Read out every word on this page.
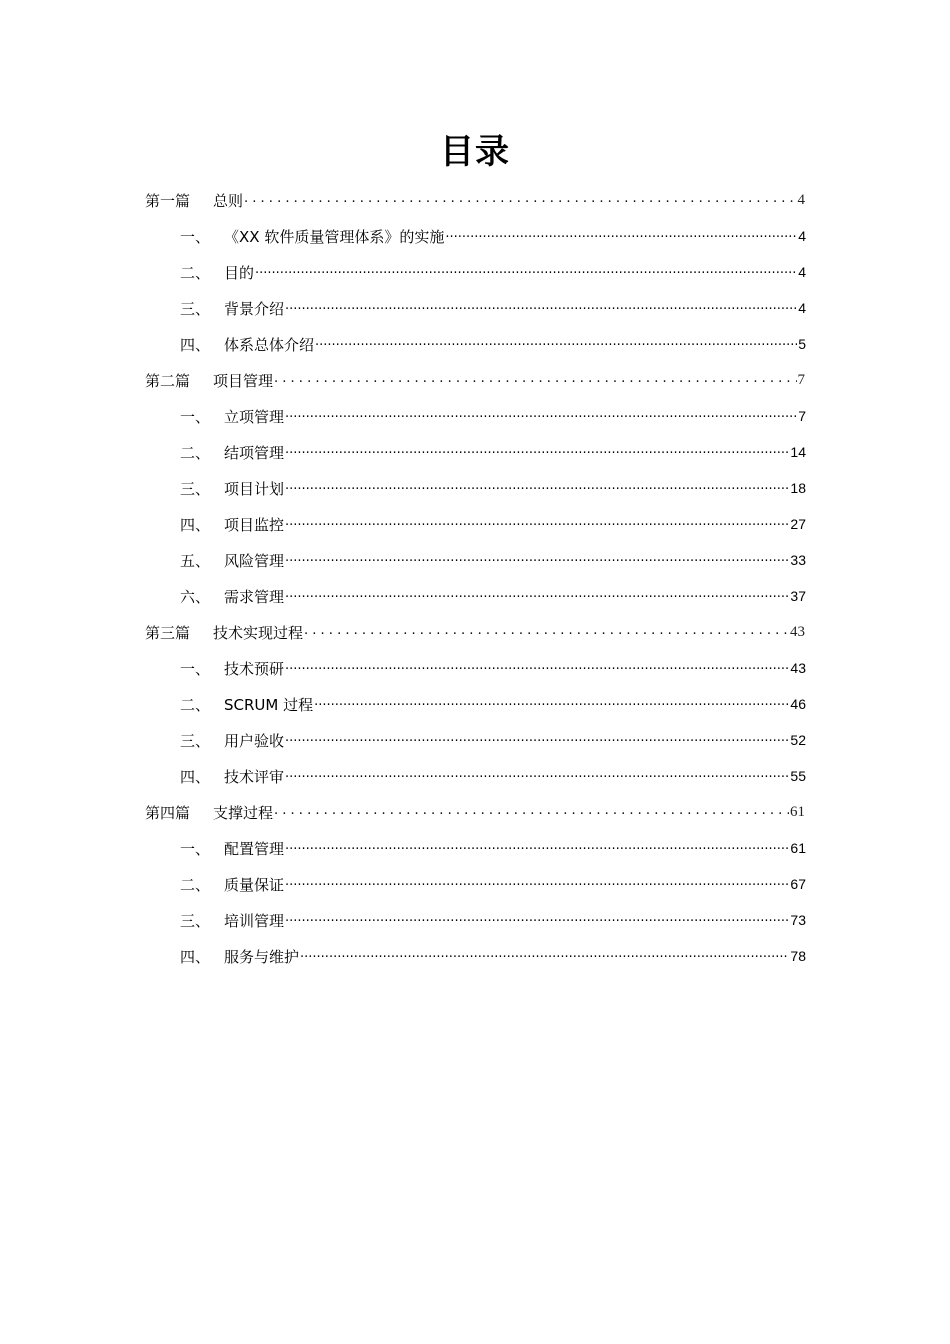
目录
第一篇	总则 . . .	4
一、 《XX 软件质量管理体系》的实施 .....	4
二、 目的 .....	4
三、 背景介绍 .....	4
四、 体系总体介绍 .....	5
第二篇	项目管理 . . .	7
一、 立项管理 .....	7
二、 结项管理 .....	14
三、 项目计划 .....	18
四、 项目监控 .....	27
五、 风险管理 .....	33
六、 需求管理 .....	37
第三篇	技术实现过程 . . .	43
一、 技术预研 .....	43
二、 SCRUM 过程 .....	46
三、 用户验收 .....	52
四、 技术评审 .....	55
第四篇	支撑过程 . . .	61
一、 配置管理 .....	61
二、 质量保证 .....	67
三、 培训管理 .....	73
四、 服务与维护 .....	78
